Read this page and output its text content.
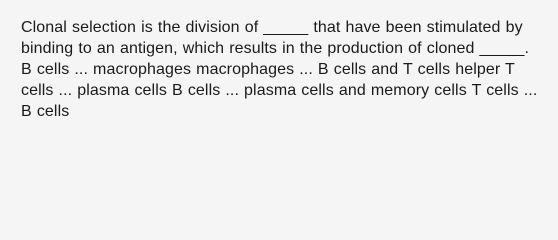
Clonal selection is the division of _____ that have been stimulated by binding to an antigen, which results in the production of cloned _____. B cells ... macrophages macrophages ... B cells and T cells helper T cells ... plasma cells B cells ... plasma cells and memory cells T cells ... B cells
